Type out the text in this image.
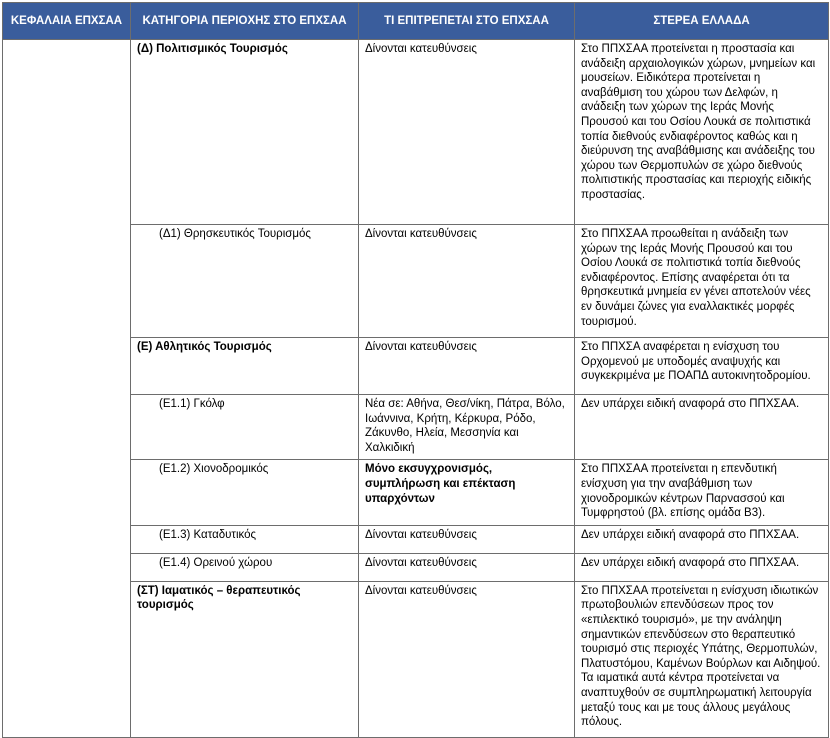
ΚΕΦΑΛΑΙΑ ΕΠΧΣΑΑ	ΚΑΤΗΓΟΡΙΑ ΠΕΡΙΟΧΗΣ ΣΤΟ ΕΠΧΣΑΑ	ΤΙ ΕΠΙΤΡΕΠΕΤΑΙ ΣΤΟ ΕΠΧΣΑΑ	ΣΤΕΡΕΑ ΕΛΛΑΔΑ
	(Δ) Πολιτισμικός Τουρισμός	Δίνονται κατευθύνσεις	Στο ΠΠΧΣΑΑ προτείνεται η προστασία και ανάδειξη αρχαιολογικών χώρων, μνημείων και μουσείων. Ειδικότερα προτείνεται η αναβάθμιση του χώρου των Δελφών, η ανάδειξη των χώρων της Ιεράς Μονής Προυσού και του Οσίου Λουκά σε πολιτιστικά τοπία διεθνούς ενδιαφέροντος καθώς και η διεύρυνση της αναβάθμισης και ανάδειξης του χώρου των Θερμοπυλών σε χώρο διεθνούς πολιτιστικής προστασίας και περιοχής ειδικής προστασίας.
	(Δ1) Θρησκευτικός Τουρισμός	Δίνονται κατευθύνσεις	Στο ΠΠΧΣΑΑ προωθείται η ανάδειξη των χώρων της Ιεράς Μονής Προυσού και του Οσίου Λουκά σε πολιτιστικά τοπία διεθνούς ενδιαφέροντος. Επίσης αναφέρεται ότι τα θρησκευτικά μνημεία εν γένει αποτελούν νέες εν δυνάμει ζώνες για εναλλακτικές μορφές τουρισμού.
	(Ε) Αθλητικός Τουρισμός	Δίνονται κατευθύνσεις	Στο ΠΠΧΣΑ αναφέρεται η ενίσχυση του Ορχομενού με υποδομές αναψυχής και συγκεκριμένα με ΠΟΑΠΔ αυτοκινητοδρομίου.
	(Ε1.1) Γκόλφ	Νέα σε: Αθήνα, Θεσ/νίκη, Πάτρα, Βόλο, Ιωάννινα, Κρήτη, Κέρκυρα, Ρόδο, Ζάκυνθο, Ηλεία, Μεσσηνία και Χαλκιδική	Δεν υπάρχει ειδική αναφορά στο ΠΠΧΣΑΑ.
	(Ε1.2) Χιονοδρομικός	Μόνο εκσυγχρονισμός, συμπλήρωση και επέκταση υπαρχόντων	Στο ΠΠΧΣΑΑ προτείνεται η επενδυτική ενίσχυση για την αναβάθμιση των χιονοδρομικών κέντρων Παρνασσού και Τυμφρηστού (βλ. επίσης ομάδα Β3).
	(Ε1.3) Καταδυτικός	Δίνονται κατευθύνσεις	Δεν υπάρχει ειδική αναφορά στο ΠΠΧΣΑΑ.
	(Ε1.4) Ορεινού χώρου	Δίνονται κατευθύνσεις	Δεν υπάρχει ειδική αναφορά στο ΠΠΧΣΑΑ.
	(ΣΤ) Ιαματικός – θεραπευτικός τουρισμός	Δίνονται κατευθύνσεις	Στο ΠΠΧΣΑΑ προτείνεται η ενίσχυση ιδιωτικών πρωτοβουλιών επενδύσεων προς τον «επιλεκτικό τουρισμό», με την ανάληψη σημαντικών επενδύσεων στο θεραπευτικό τουρισμό στις περιοχές Υπάτης, Θερμοπυλών, Πλατυστόμου, Καμένων Βούρλων και Αιδηψού. Τα ιαματικά αυτά κέντρα προτείνεται να αναπτυχθούν σε συμπληρωματική λειτουργία μεταξύ τους και με τους άλλους μεγάλους πόλους.
